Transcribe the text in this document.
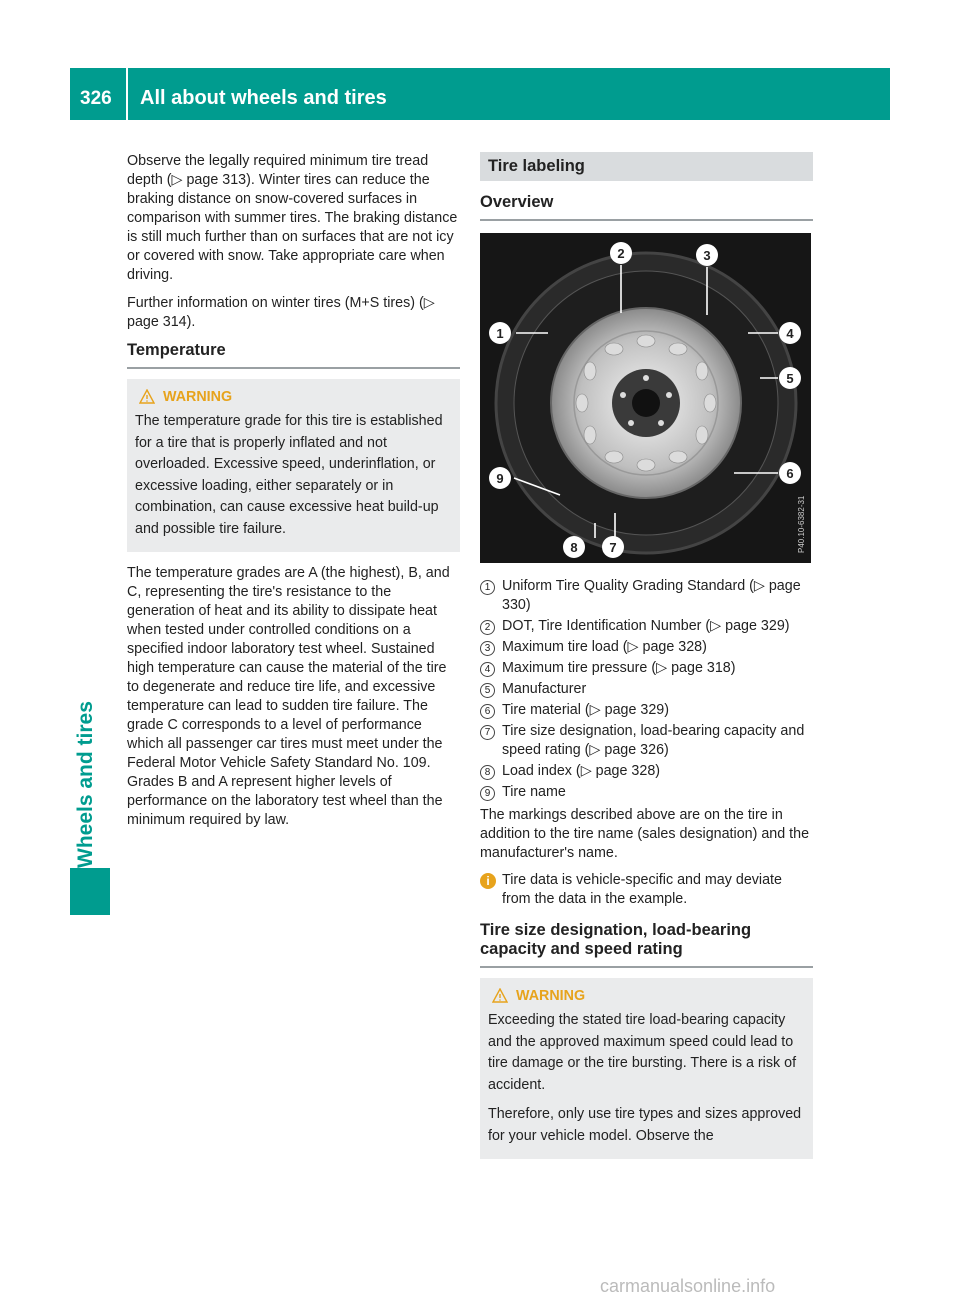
326 All about wheels and tires
Wheels and tires

Observe the legally required minimum tire tread depth (▷ page 313). Winter tires can reduce the braking distance on snow-covered surfaces in comparison with summer tires. The braking distance is still much further than on surfaces that are not icy or covered with snow. Take appropriate care when driving.

Further information on winter tires (M+S tires) (▷ page 314).

Temperature
WARNING

The temperature grade for this tire is established for a tire that is properly inflated and not overloaded. Excessive speed, underinflation, or excessive loading, either separately or in combination, can cause excessive heat build-up and possible tire failure.

The temperature grades are A (the highest), B, and C, representing the tire's resistance to the generation of heat and its ability to dissipate heat when tested under controlled conditions on a specified indoor laboratory test wheel. Sustained high temperature can cause the material of the tire to degenerate and reduce tire life, and excessive temperature can lead to sudden tire failure. The grade C corresponds to a level of performance which all passenger car tires must meet under the Federal Motor Vehicle Safety Standard No. 109. Grades B and A represent higher levels of performance on the laboratory test wheel than the minimum required by law.

Tire labeling
Overview
1
2	3
4
5
6
7
8
9
P40.10-6382-31
1 Uniform Tire Quality Grading Standard (▷ page 330)

2 DOT, Tire Identification Number (▷ page 329)

3 Maximum tire load (▷ page 328)

4 Maximum tire pressure (▷ page 318)

5 Manufacturer

6 Tire material (▷ page 329)

7 Tire size designation, load-bearing capacity and speed rating (▷ page 326)

8 Load index (▷ page 328)

9 Tire name

The markings described above are on the tire in addition to the tire name (sales designation) and the manufacturer's name.

i Tire data is vehicle-specific and may deviate from the data in the example.

Tire size designation, load-bearing capacity and speed rating
WARNING

Exceeding the stated tire load-bearing capacity and the approved maximum speed could lead to tire damage or the tire bursting. There is a risk of accident.

Therefore, only use tire types and sizes approved for your vehicle model. Observe the

carmanualsonline.info
